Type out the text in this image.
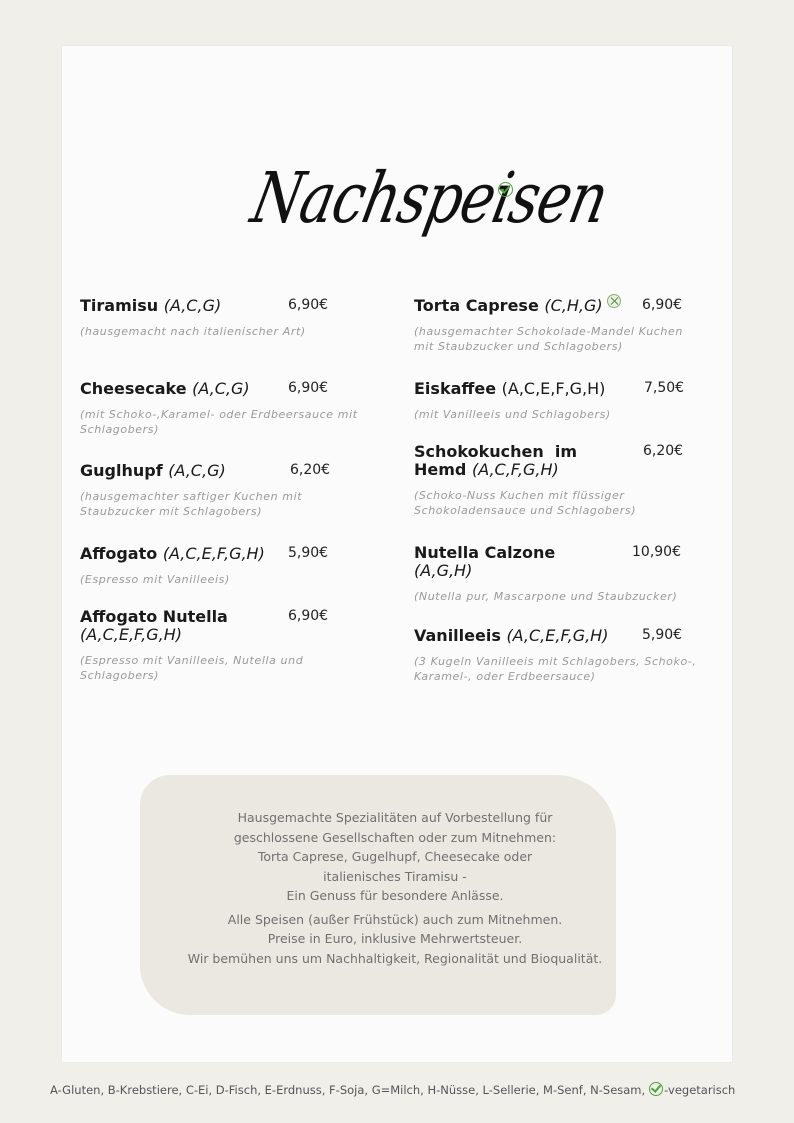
Nachspeisen
Tiramisu (A,C,G)	6,90€
(hausgemacht nach italienischer Art)
Cheesecake (A,C,G)	6,90€
(mit Schoko-,Karamel- oder Erdbeersauce mit
Schlagobers)
Guglhupf (A,C,G)	6,20€
(hausgemachter saftiger Kuchen mit
Staubzucker mit Schlagobers)
Affogato (A,C,E,F,G,H)	5,90€
(Espresso mit Vanilleeis)
Affogato Nutella
(A,C,E,F,G,H)
6,90€
(Espresso mit Vanilleeis, Nutella und
Schlagobers)
Torta Caprese (C,H,G)	6,90€
(hausgemachter Schokolade-Mandel Kuchen
mit Staubzucker und Schlagobers)
Eiskaffee (A,C,E,F,G,H)	7,50€
(mit Vanilleeis und Schlagobers)
Schokokuchen  im
Hemd (A,C,F,G,H)
6,20€
(Schoko-Nuss Kuchen mit flüssiger
Schokoladensauce und Schlagobers)
Nutella Calzone
(A,G,H)
10,90€
(Nutella pur, Mascarpone und Staubzucker)
Vanilleeis (A,C,E,F,G,H)	5,90€
(3 Kugeln Vanilleeis mit Schlagobers, Schoko-,
Karamel-, oder Erdbeersauce)
Hausgemachte Spezialitäten auf Vorbestellung für
geschlossene Gesellschaften oder zum Mitnehmen:
Torta Caprese, Gugelhupf, Cheesecake oder
italienisches Tiramisu -
Ein Genuss für besondere Anlässe.
Alle Speisen (außer Frühstück) auch zum Mitnehmen.
Preise in Euro, inklusive Mehrwertsteuer.
Wir bemühen uns um Nachhaltigkeit, Regionalität und Bioqualität.
A-Gluten, B-Krebstiere, C-Ei, D-Fisch, E-Erdnuss, F-Soja, G=Milch, H-Nüsse, L-Sellerie, M-Senf, N-Sesam, -vegetarisch
